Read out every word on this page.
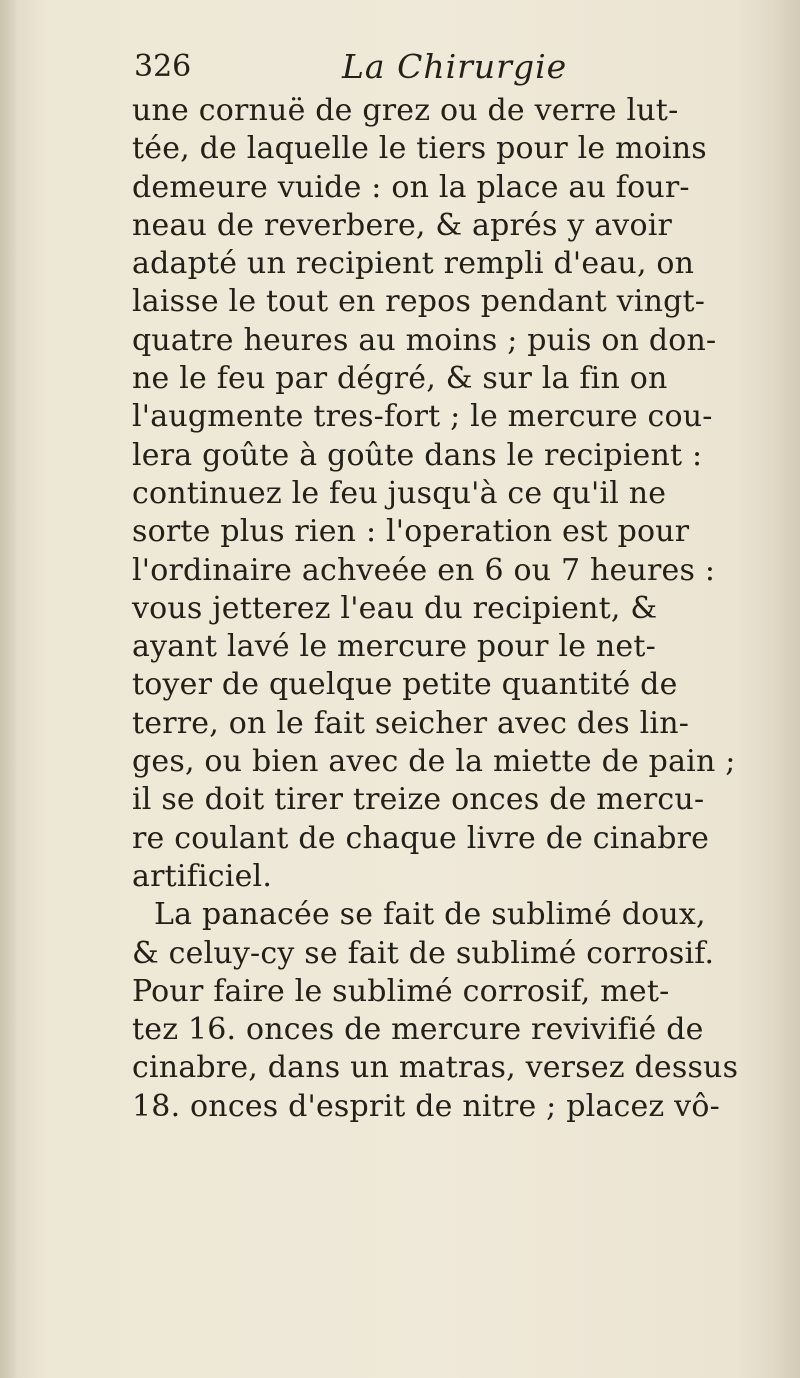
326	La Chirurgie
une cornuë de grez ou de verre lut-
tée, de laquelle le tiers pour le moins
demeure vuide : on la place au four-
neau de reverbere, & aprés y avoir
adapté un recipient rempli d'eau, on
laisse le tout en repos pendant vingt-
quatre heures au moins ; puis on don-
ne le feu par dégré, & sur la fin on
l'augmente tres-fort ; le mercure cou-
lera goûte à goûte dans le recipient :
continuez le feu jusqu'à ce qu'il ne
sorte plus rien : l'operation est pour
l'ordinaire achveée en 6 ou 7 heures :
vous jetterez l'eau du recipient, &
ayant lavé le mercure pour le net-
toyer de quelque petite quantité de
terre, on le fait seicher avec des lin-
ges, ou bien avec de la miette de pain ;
il se doit tirer treize onces de mercu-
re coulant de chaque livre de cinabre
artificiel.
La panacée se fait de sublimé doux,
& celuy-cy se fait de sublimé corrosif.
Pour faire le sublimé corrosif, met-
tez 16. onces de mercure revivifié de
cinabre, dans un matras, versez dessus
18. onces d'esprit de nitre ; placez vô-
